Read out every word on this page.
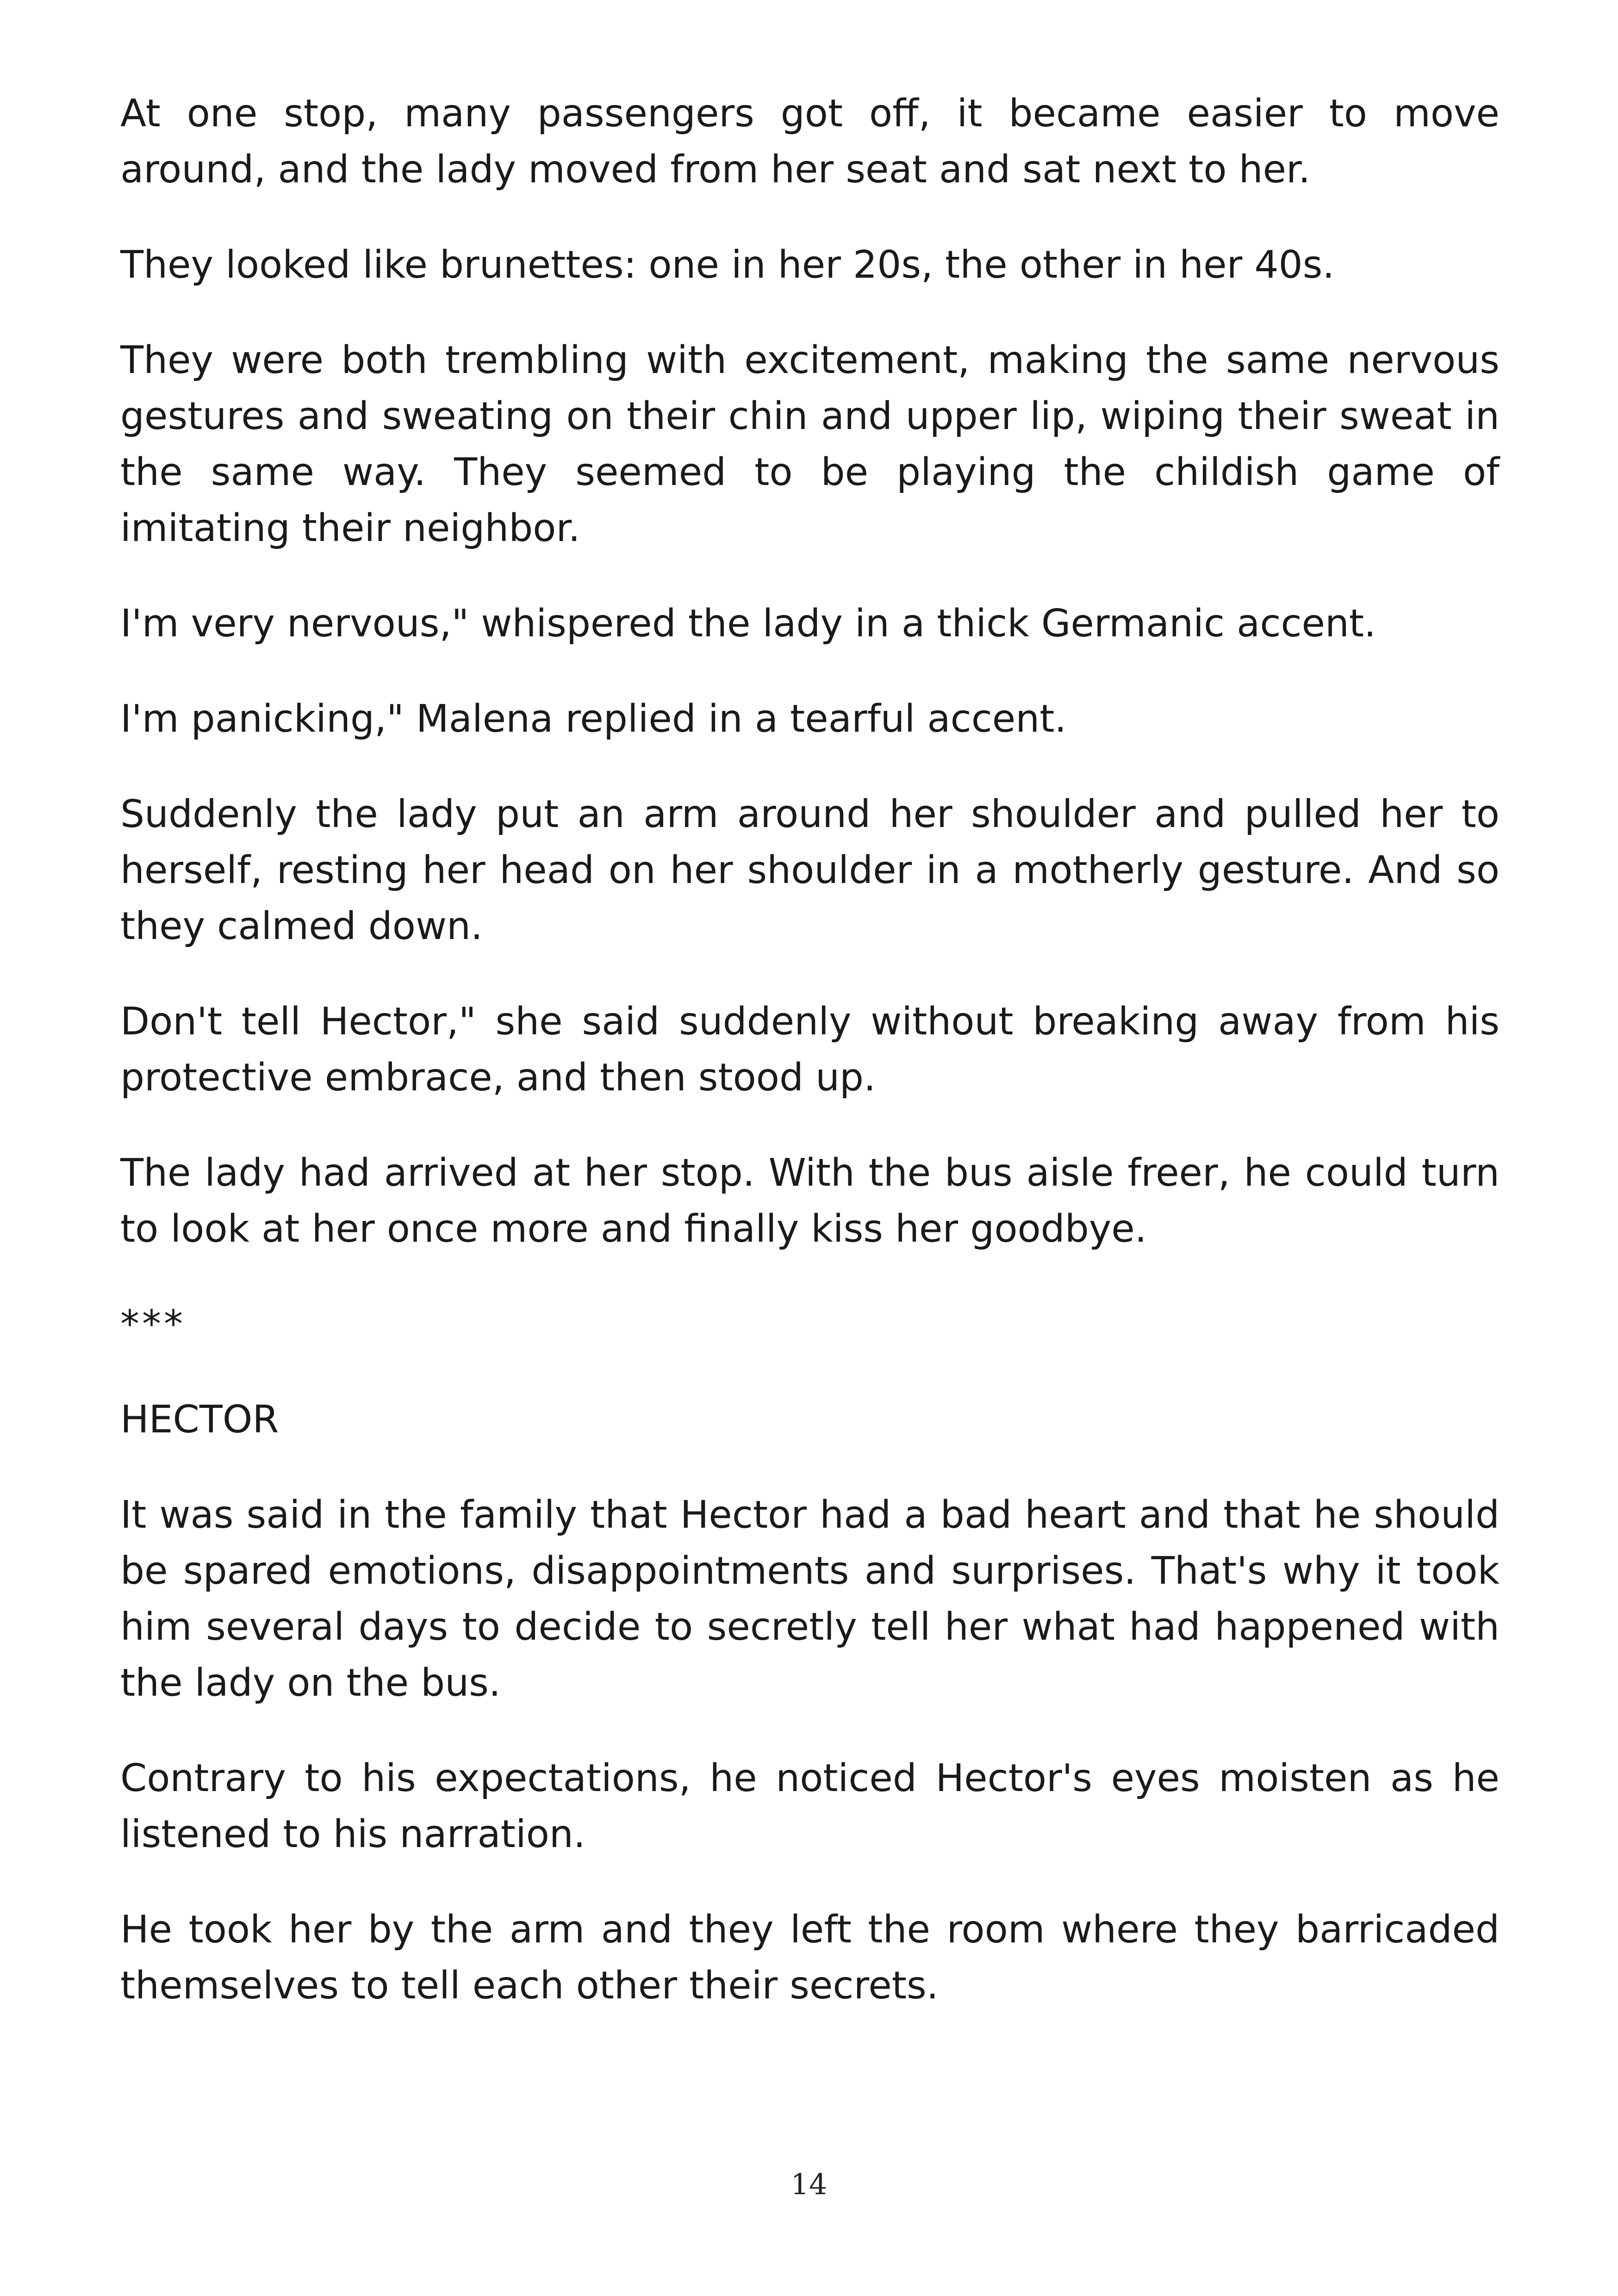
At one stop, many passengers got off, it became easier to move around, and the lady moved from her seat and sat next to her.

They looked like brunettes: one in her 20s, the other in her 40s.

They were both trembling with excitement, making the same nervous gestures and sweating on their chin and upper lip, wiping their sweat in the same way. They seemed to be playing the childish game of imitating their neighbor.

I'm very nervous," whispered the lady in a thick Germanic accent.

I'm panicking," Malena replied in a tearful accent.

Suddenly the lady put an arm around her shoulder and pulled her to herself, resting her head on her shoulder in a motherly gesture. And so they calmed down.

Don't tell Hector," she said suddenly without breaking away from his protective embrace, and then stood up.

The lady had arrived at her stop. With the bus aisle freer, he could turn to look at her once more and finally kiss her goodbye.

***

HECTOR

It was said in the family that Hector had a bad heart and that he should be spared emotions, disappointments and surprises. That's why it took him several days to decide to secretly tell her what had happened with the lady on the bus.

Contrary to his expectations, he noticed Hector's eyes moisten as he listened to his narration.

He took her by the arm and they left the room where they barricaded themselves to tell each other their secrets.

14
